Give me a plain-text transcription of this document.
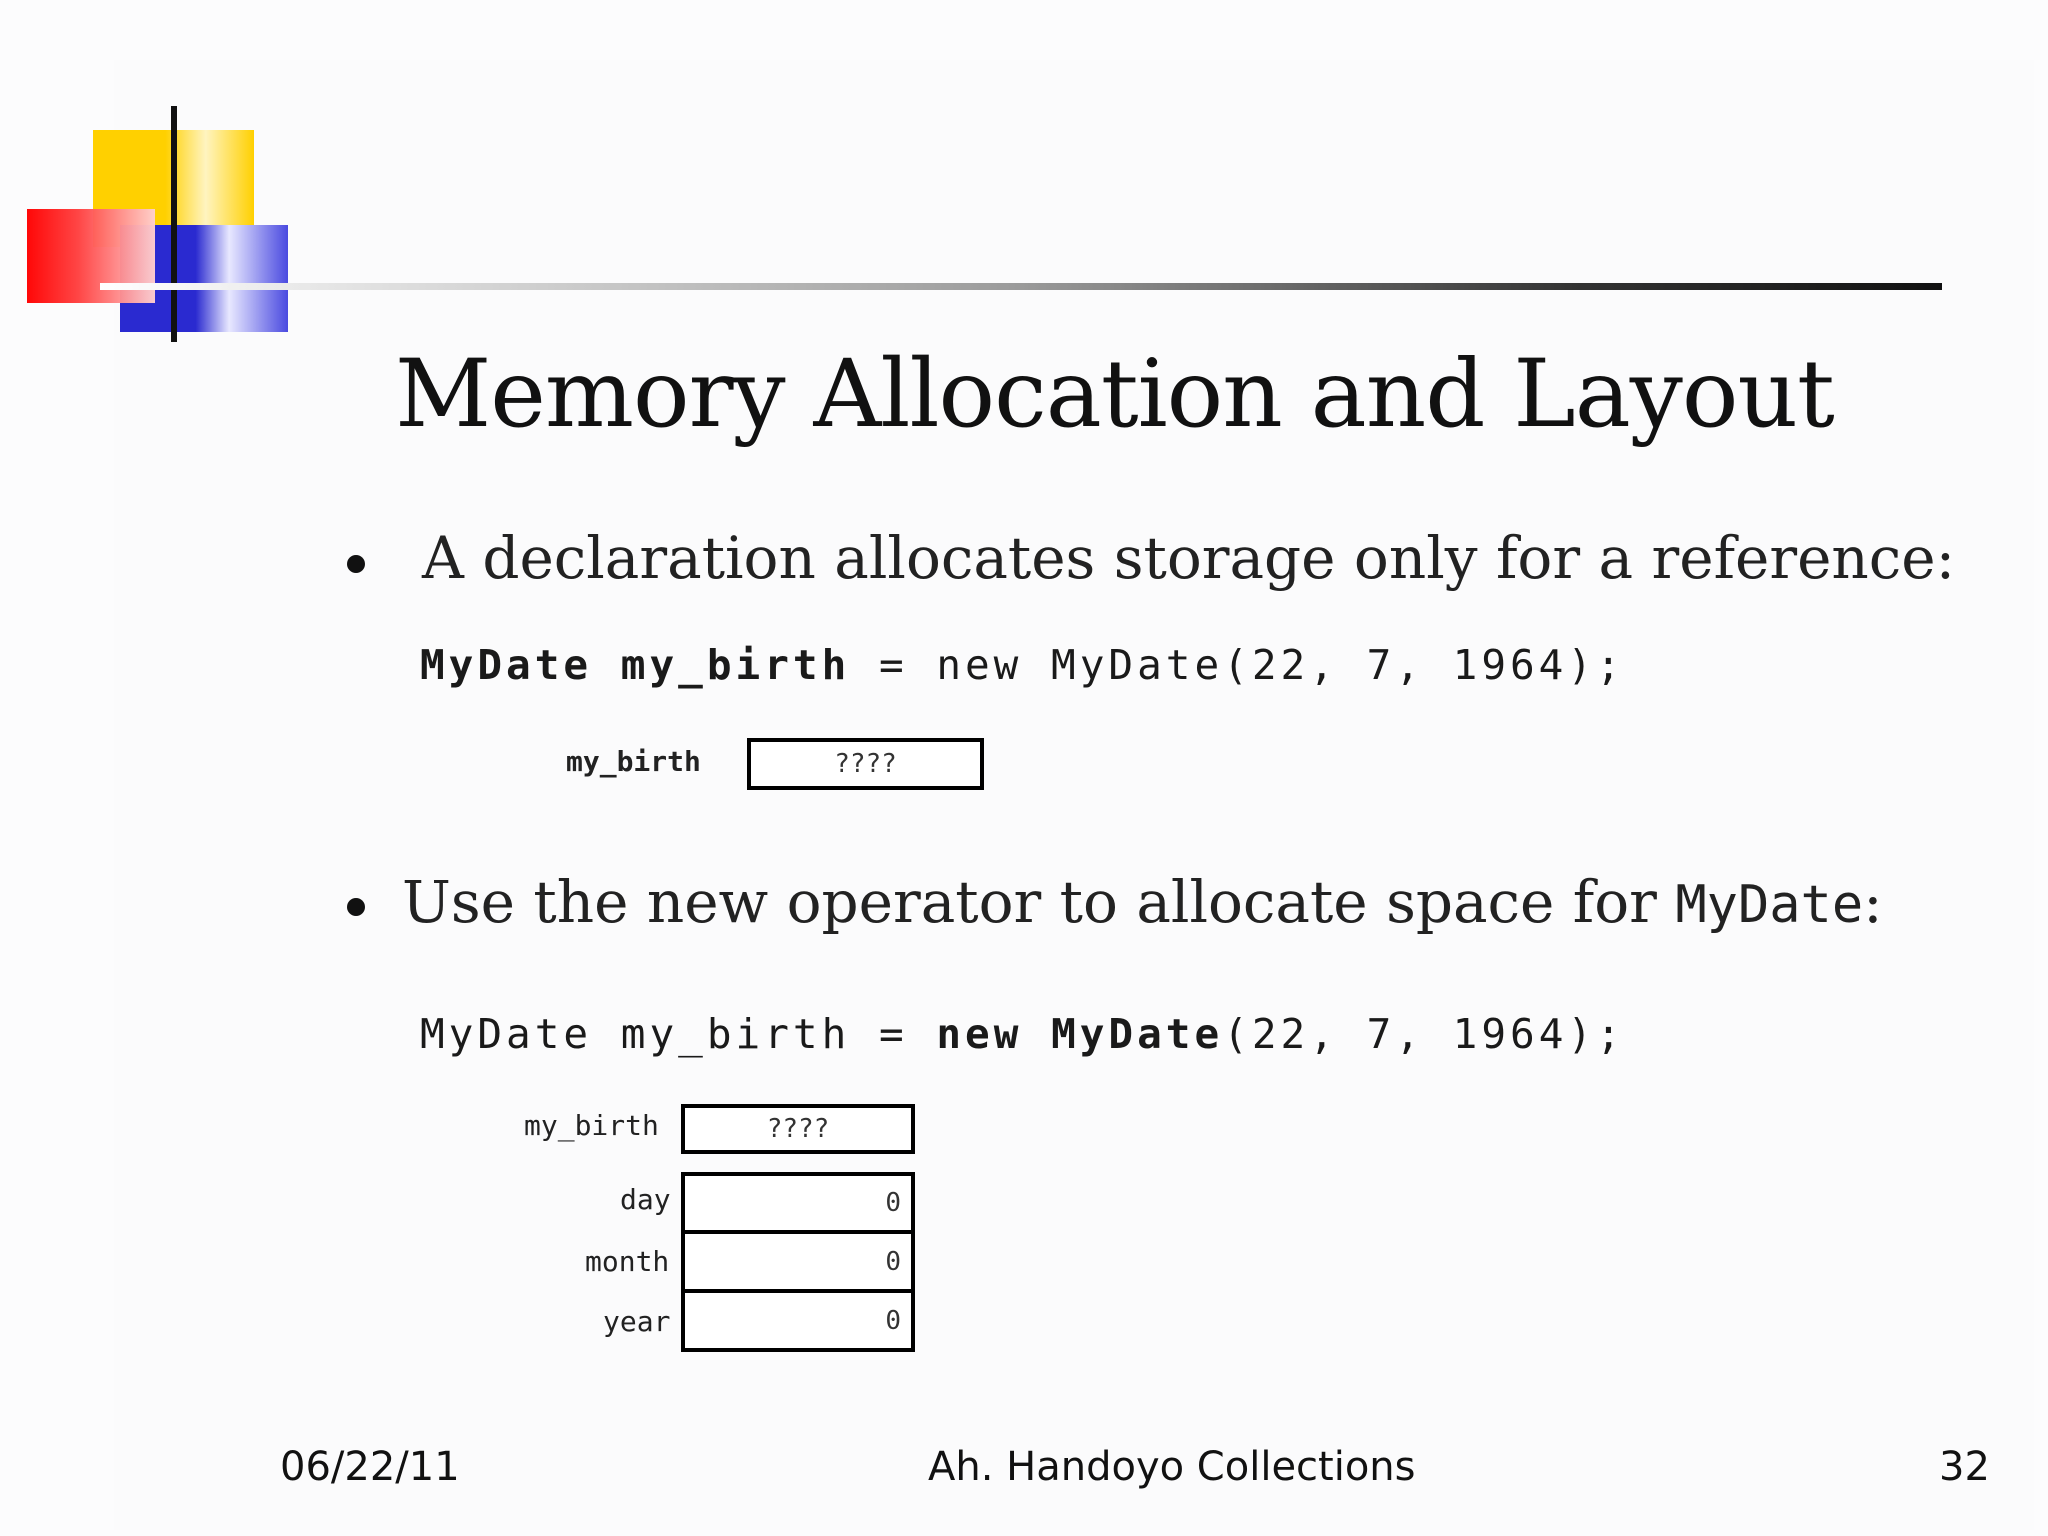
Memory Allocation and Layout
A declaration allocates storage only for a reference:
MyDate my_birth = new MyDate(22, 7, 1964);
my_birth	????
Use the new operator to allocate space for MyDate:
MyDate my_birth = new MyDate(22, 7, 1964);
my_birth	????
day	0
month	0
year	0
06/22/11	Ah. Handoyo Collections	32
